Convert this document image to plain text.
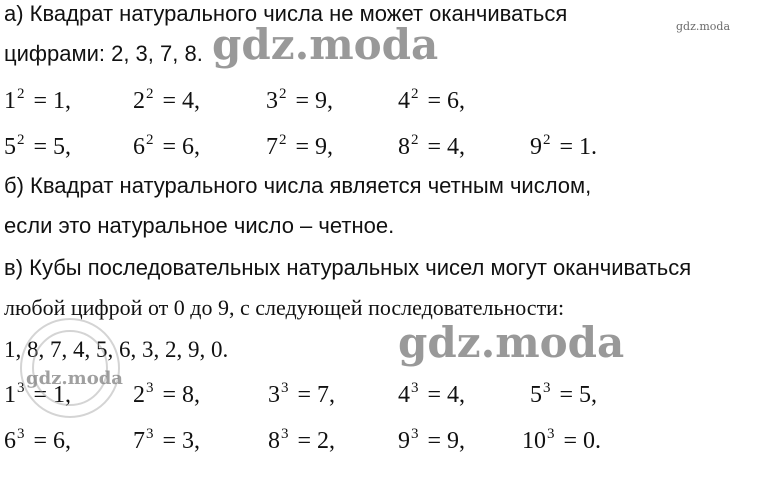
а) Квадрат натурального числа не может оканчиваться
цифрами: 2, 3, 7, 8.
$1^2 = 1$,	$2^2 = 4$,	$3^2 = 9$,	$4^2 = 6$,
$5^2 = 5$,	$6^2 = 6$,	$7^2 = 9$,	$8^2 = 4$,	$9^2 = 1$.
б) Квадрат натурального числа является четным числом,
если это натуральное число – четное.
в) Кубы последовательных натуральных чисел могут оканчиваться
любой цифрой от 0 до 9, с следующей последовательности:
1, 8, 7, 4, 5, 6, 3, 2, 9, 0.
$1^3 = 1$,	$2^3 = 8$,	$3^3 = 7$,	$4^3 = 4$,	$5^3 = 5$,
$6^3 = 6$,	$7^3 = 3$,	$8^3 = 2$,	$9^3 = 9$, $10^3 = 0$.
gdz.moda
gdz.moda
gdz.moda
gdz.moda
